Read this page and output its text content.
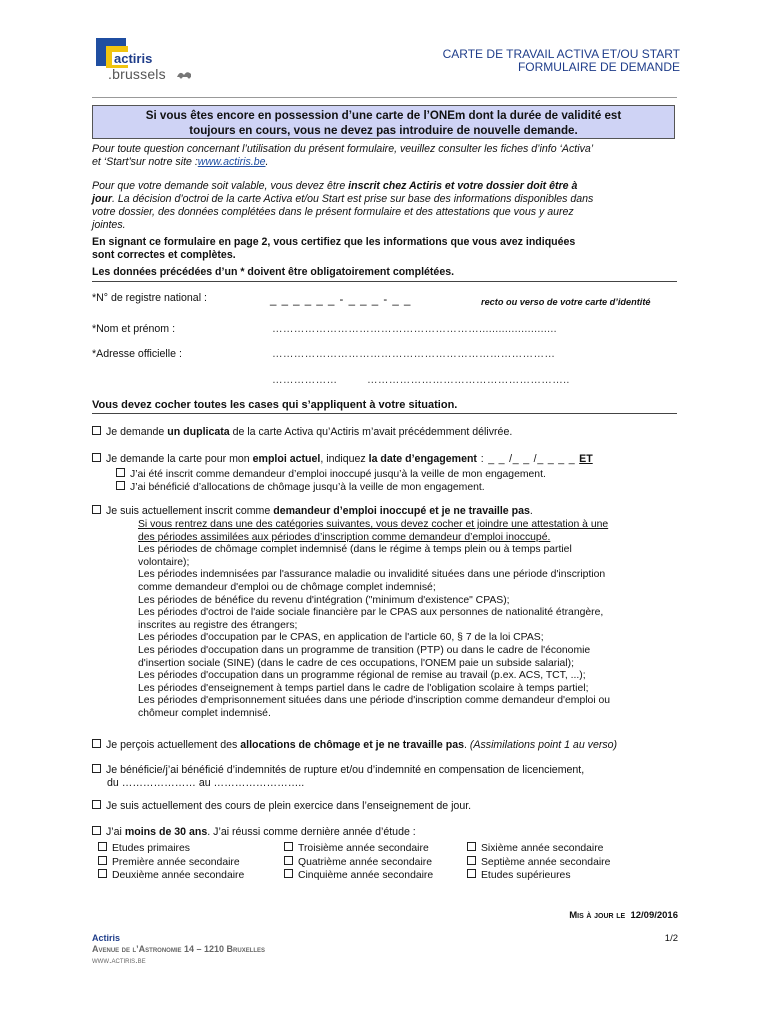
actiris
.brussels
CARTE DE TRAVAIL ACTIVA ET/OU START
FORMULAIRE DE DEMANDE
Si vous êtes encore en possession d’une carte de l’ONEm dont la durée de validité est
toujours en cours, vous ne devez pas introduire de nouvelle demande.
Pour toute question concernant l’utilisation du présent formulaire, veuillez consulter les fiches d’info ‘Activa’
et ‘Start’sur notre site :www.actiris.be.
Pour que votre demande soit valable, vous devez être inscrit chez Actiris et votre dossier doit être à
jour. La décision d’octroi de la carte Activa et/ou Start est prise sur base des informations disponibles dans
votre dossier, des données complétées dans le présent formulaire et des attestations que vous y aurez
jointes.
En signant ce formulaire en page 2, vous certifiez que les informations que vous avez indiquées
sont correctes et complètes.
Les données précédées d’un * doivent être obligatoirement complétées.
*N° de registre national :	_ _ _ _ _ _ - _ _ _ - _ _	recto ou verso de votre carte d’identité
*Nom et prénom :	…………………………………………………........................
*Adresse officielle :	……………………………………………………………………
………………	………………………………………………..
Vous devez cocher toutes les cases qui s’appliquent à votre situation.
Je demande un duplicata de la carte Activa qu’Actiris m’avait précédemment délivrée.
Je demande la carte pour mon emploi actuel, indiquez la date d’engagement : _ _ /_ _ /_ _ _ _ ET
J’ai été inscrit comme demandeur d’emploi inoccupé jusqu’à la veille de mon engagement.
J’ai bénéficié d’allocations de chômage jusqu’à la veille de mon engagement.
Je suis actuellement inscrit comme demandeur d’emploi inoccupé et je ne travaille pas.
Si vous rentrez dans une des catégories suivantes, vous devez cocher et joindre une attestation à une
des périodes assimilées aux périodes d’inscription comme demandeur d’emploi inoccupé.
Les périodes de chômage complet indemnisé (dans le régime à temps plein ou à temps partiel
volontaire);
Les périodes indemnisées par l'assurance maladie ou invalidité situées dans une période d'inscription
comme demandeur d'emploi ou de chômage complet indemnisé;
Les périodes de bénéfice du revenu d'intégration ("minimum d'existence" CPAS);
Les périodes d'octroi de l'aide sociale financière par le CPAS aux personnes de nationalité étrangère,
inscrites au registre des étrangers;
Les périodes d'occupation par le CPAS, en application de l'article 60, § 7 de la loi CPAS;
Les périodes d'occupation dans un programme de transition (PTP) ou dans le cadre de l'économie
d'insertion sociale (SINE) (dans le cadre de ces occupations, l'ONEM paie un subside salarial);
Les périodes d'occupation dans un programme régional de remise au travail (p.ex. ACS, TCT, ...);
Les périodes d'enseignement à temps partiel dans le cadre de l'obligation scolaire à temps partiel;
Les périodes d'emprisonnement situées dans une période d'inscription comme demandeur d'emploi ou
chômeur complet indemnisé.
Je perçois actuellement des allocations de chômage et je ne travaille pas. (Assimilations point 1 au verso)
Je bénéficie/j’ai bénéficié d’indemnités de rupture et/ou d’indemnité en compensation de licenciement,
du ………………… au ……………………..
Je suis actuellement des cours de plein exercice dans l’enseignement de jour.
J’ai moins de 30 ans. J’ai réussi comme dernière année d’étude :
Etudes primaires
Première année secondaire
Deuxième année secondaire
Troisième année secondaire
Quatrième année secondaire
Cinquième année secondaire
Sixième année secondaire
Septième année secondaire
Etudes supérieures
Mis à jour le 12/09/2016
Actiris
Avenue de l’Astronomie 14 – 1210 Bruxelles
www.actiris.be
1/2
